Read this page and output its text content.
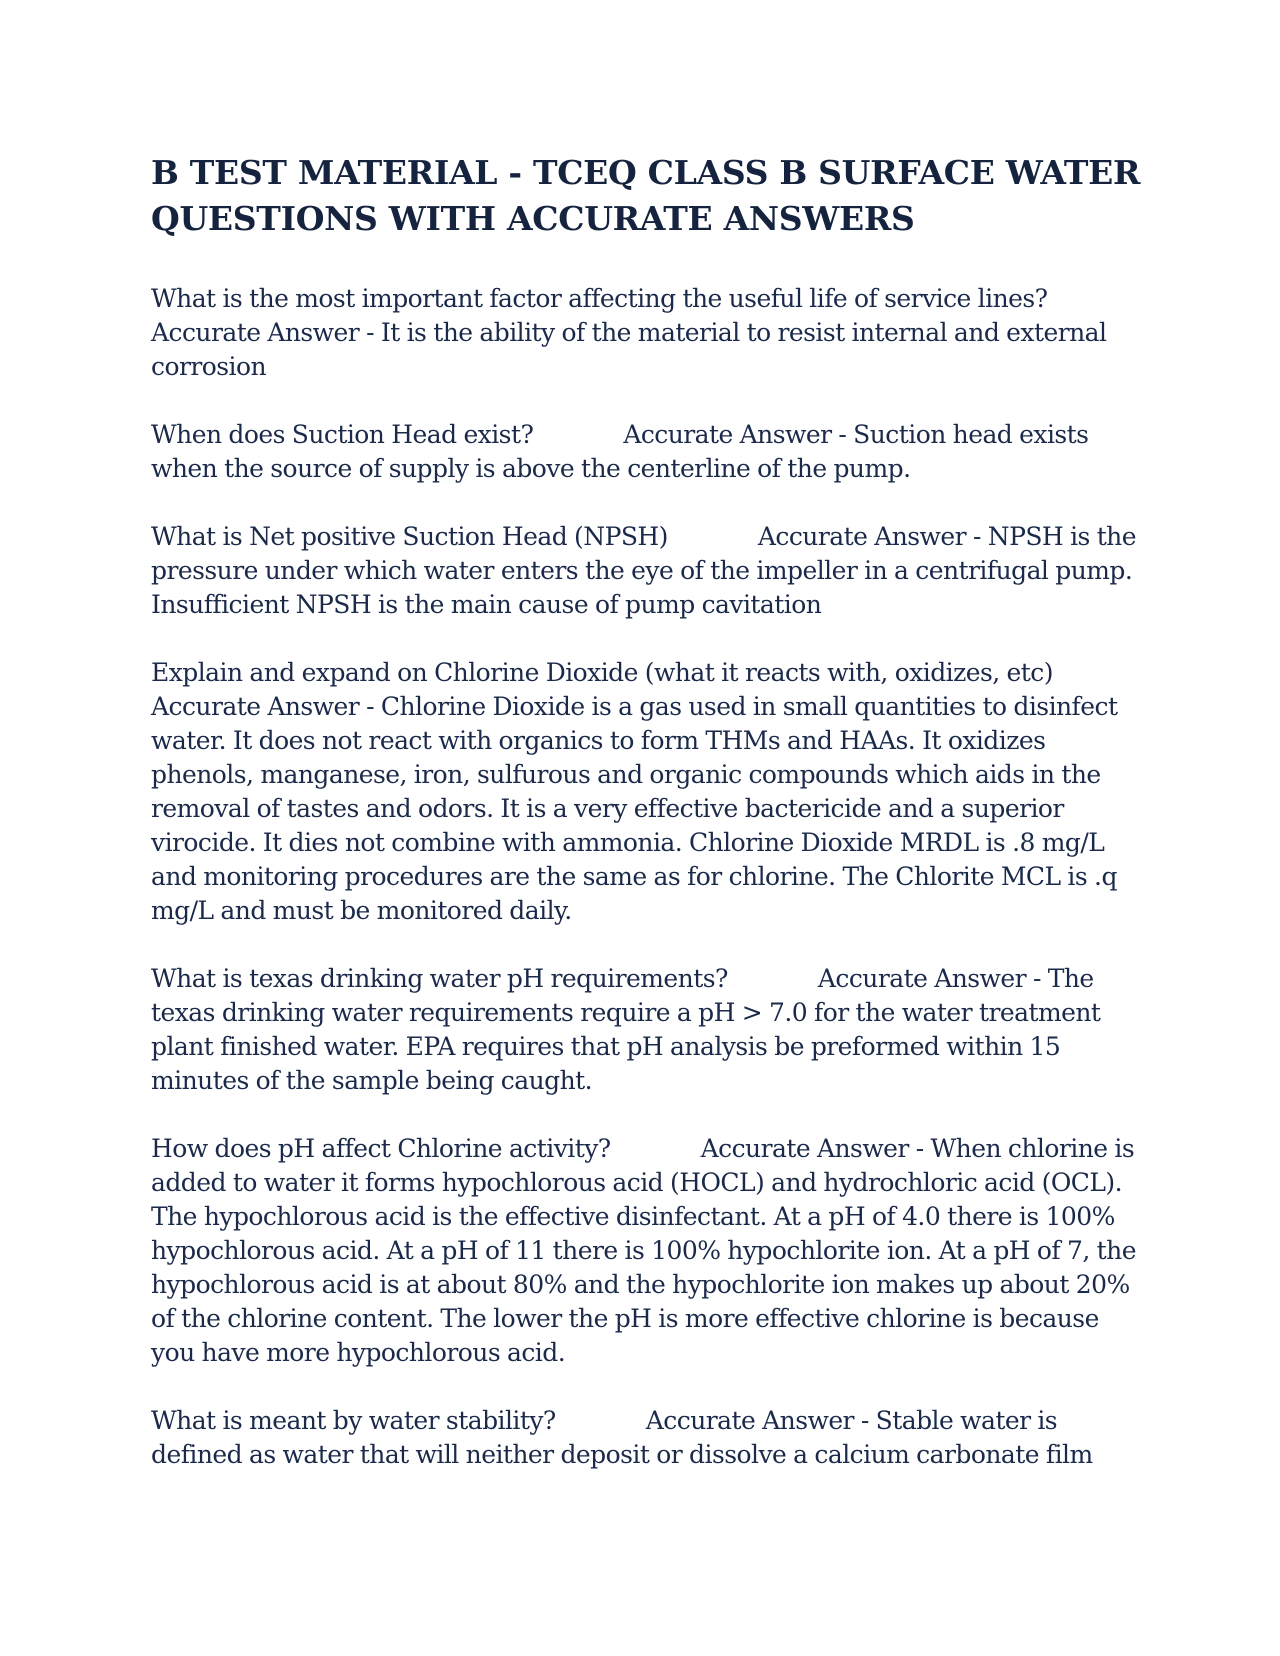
B TEST MATERIAL - TCEQ CLASS B SURFACE WATER QUESTIONS WITH ACCURATE ANSWERS

What is the most important factor affecting the useful life of service lines? Accurate Answer - It is the ability of the material to resist internal and external corrosion

When does Suction Head exist?	Accurate Answer - Suction head exists when the source of supply is above the centerline of the pump.

What is Net positive Suction Head (NPSH)	Accurate Answer - NPSH is the pressure under which water enters the eye of the impeller in a centrifugal pump. Insufficient NPSH is the main cause of pump cavitation

Explain and expand on Chlorine Dioxide (what it reacts with, oxidizes, etc) Accurate Answer - Chlorine Dioxide is a gas used in small quantities to disinfect water. It does not react with organics to form THMs and HAAs. It oxidizes phenols, manganese, iron, sulfurous and organic compounds which aids in the removal of tastes and odors. It is a very effective bactericide and a superior virocide. It dies not combine with ammonia. Chlorine Dioxide MRDL is .8 mg/L and monitoring procedures are the same as for chlorine. The Chlorite MCL is .q mg/L and must be monitored daily.

What is texas drinking water pH requirements?	Accurate Answer - The texas drinking water requirements require a pH > 7.0 for the water treatment plant finished water. EPA requires that pH analysis be preformed within 15 minutes of the sample being caught.

How does pH affect Chlorine activity?	Accurate Answer - When chlorine is added to water it forms hypochlorous acid (HOCL) and hydrochloric acid (OCL). The hypochlorous acid is the effective disinfectant. At a pH of 4.0 there is 100% hypochlorous acid. At a pH of 11 there is 100% hypochlorite ion. At a pH of 7, the hypochlorous acid is at about 80% and the hypochlorite ion makes up about 20% of the chlorine content. The lower the pH is more effective chlorine is because you have more hypochlorous acid.

What is meant by water stability?	Accurate Answer - Stable water is defined as water that will neither deposit or dissolve a calcium carbonate film
